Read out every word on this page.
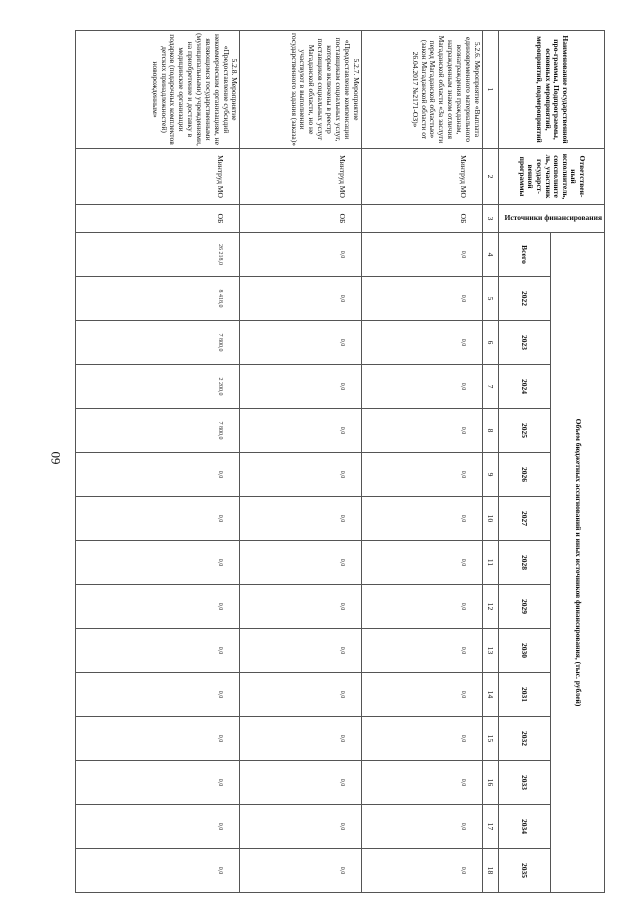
60
Наименование государственной про-граммы, Подпрограммы, основных мероприятий, мероприятий, подмероприятий	Ответствен-ный исполнитель, соисполните ль, участник государст-венной программы	Источники финансирования	Объем бюджетных ассигнований и иных источников финансирования, (тыс. рублей)														
			Всего	2022	2023	2024	2025	2026	2027	2028	2029	2030	2031	2032	2033	2034	2035
1	2	3	4	5	6	7	8	9	10	11	12	13	14	15	16	17	18
5.2.6. Мероприятие «Выплата единовременного материального вознаграждения гражданам, награжденным знаком отличия Магаданской области «За заслуги перед Магаданской областью» (закон Магаданской области от 26.04.2017 №2171-ОЗ)»	Минтруд МО	ОБ	0,0	0,0	0,0	0,0	0,0	0,0	0,0	0,0	0,0	0,0	0,0	0,0	0,0	0,0	0,0
5.2.7. Мероприятие «Предоставление компенсации поставщикам социальных услуг, которые включены в реестр поставщиков социальных услуг Магаданской области, но не участвуют в выполнении государственного задания (заказа)»	Минтруд МО	ОБ	0,0	0,0	0,0	0,0	0,0	0,0	0,0	0,0	0,0	0,0	0,0	0,0	0,0	0,0	0,0
5.2.8. Мероприятие «Предоставление субсидий некоммерческим организациям, не являющимся государственными (муниципальными) учреждениями, на приобретение и доставку в медицинские организации подарков (подарочных комплектов детских принадлежностей) новорожденным»	Минтруд МО	ОБ	26 218,0	8 418,0	7 800,0	2 200,0	7 800,0	0,0	0,0	0,0	0,0	0,0	0,0	0,0	0,0	0,0	0,0
